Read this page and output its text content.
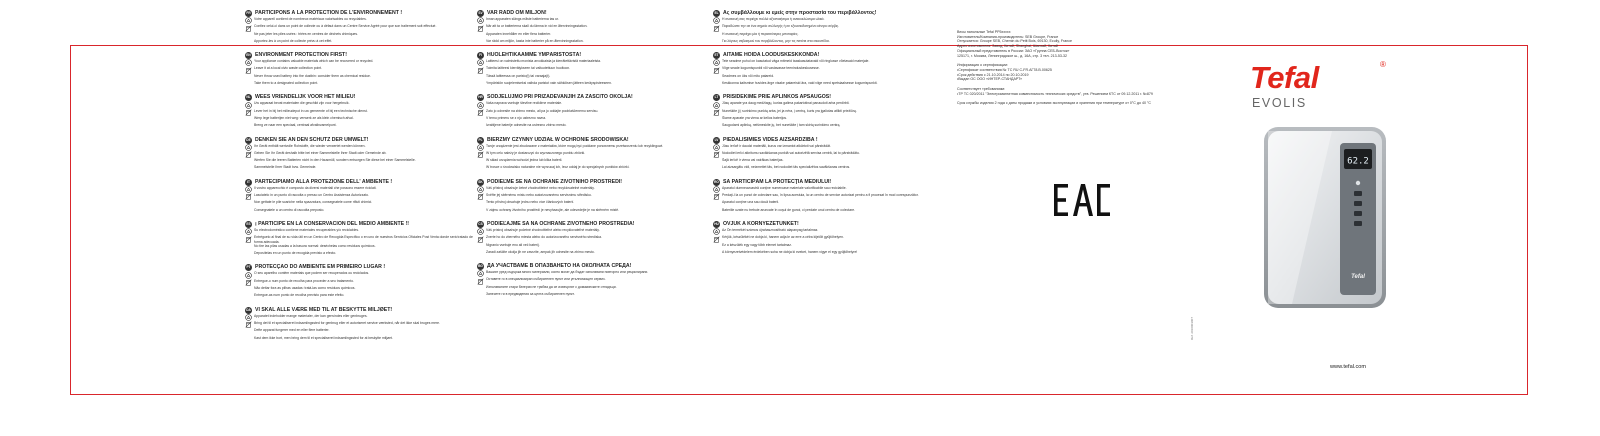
FR PARTICIPONS À LA PROTECTION DE L'ENVIRONNEMENT !
Votre appareil contient de nombreux matériaux valorisables ou recyclables.
Confiez celui-ci dans un point de collecte ou à défaut dans un Centre Service Agréé pour que son traitement soit effectué.
Ne pas jeter les piles usées : triées en centres de déchets chimiques.
Apportez-les à un point de collecte prévu à cet effet.
EN ENVIRONMENT PROTECTION FIRST!
Your appliance contains valuable materials which can be recovered or recycled.
Leave it at a local civic waste collection point.
Never throw used battery into the dustbin: consider them as chemical residue.
Take them to a designated collection point.
NL WEES VRIENDELIJK VOOR HET MILIEU!
Uw apparaat bevat materialen die geschikt zijn voor hergebruik.
Lever het in bij het milieudepot in uw gemeente of bij een technische dienst.
Werp lege batterijen niet weg: verwerk ze als klein chemisch afval.
Breng ze naar een speciaal, centraal afvalinzamelpunt.
DE DENKEN SIE AN DEN SCHUTZ DER UMWELT!
Ihr Gerät enthält wertvolle Rohstoffe, die wieder verwertet werden können.
Geben Sie Ihr Gerät deshalb bitte bei einer Sammelstelle Ihrer Stadt oder Gemeinde ab.
Werfen Sie die leeren Batterien nicht in den Hausmüll, sondern entsorgen Sie diese bei einer Sammelstelle.
Sammelstelle Ihrer Stadt bzw. Gemeinde.
IT PARTECIPIAMO ALLA PROTEZIONE DELL' AMBIENTE !
Il vostro apparecchio è composto da diversi materiali che possono essere riciclati.
Lasciatelo in un punto di raccolta o presso un Centro Assistenza Autorizzato.
Non gettate le pile scariche nella spazzatura, consegnatele come rifiuti chimici.
Consegnatele a un centro di raccolta preposto.
ES ¡ PARTICIPE EN LA CONSERVACIÓN DEL MEDIO AMBIENTE !!
Su electrodoméstico contiene materiales recuperables y/o reciclables.
Entréguelo al final de su vida útil en un Centro de Recogida Específico o en uno de nuestros Servicios Oficiales Post Venta donde será tratado de forma adecuada.
No tire las pilas usadas a la basura normal: deséchelas como residuos químicos.
Deposítelas en un punto de recogida previsto a efecto.
PT PROTECÇÃO DO AMBIENTE EM PRIMEIRO LUGAR !
O seu aparelho contém materiais que podem ser recuperados ou reciclados.
Entregue-o num ponto de recolha para proceder a seu tratamento.
Não deitar fora as pilhas usadas: tratá-las como resíduos químicos.
Entregue-as num ponto de recolha previsto para este efeito.
DA VI SKAL ALLE VÆRE MED TIL AT BESKYTTE MILJØET!
Apparatet indeholder mange materialer, der kan genvindes eller genbruges.
Bring det til et specialiseret indsamlingssted for genbrug eller et autoriseret service værksted, når det ikke skal bruges mere.
Defte apparat fungerer med en eller flere batterier.
Kast dem ikke bort, men bring dem til et specialiseret indsamlingssted for at beskytte miljøet.
SV VAR RÄDD OM MILJÖN!
Innan apparaten slängs måste batterierna tas ur.
När att ta ur batterierna skall du lämna in vid en återvinningsstation.
Apparaten innehåller en eller flera batterier.
Var rädd om miljön, kasta inte batterier på en återvinningsstation.
FI HUOLEHTIKAAMME YMPÄRISTÖSTÄ!
Laitteesi on valmistettu monista arvokkaista ja kierrätettävistä materiaaleista.
Toimita laitteesi kierrätykseen tai valtuutettuun huoltoon.
Tässä laitteessa on paristo(t) tai varaaja(t).
Ympäristön suojelemiseksi vaihda paristot vain sähköisen jätteen keräyspisteeseen.
HR SODJELUJMO PRI PRIZADEVANJIH ZA ZAŠČITO OKOLJA!
Vaša naprava vsebuje številne reciklirne materiale.
Zato jo odnesite na zbirno mesto, ali pa jo oddajte pooblaščenemu servisu.
V temu primeru se z njo ustrezno ravna.
Izrabljene baterije odnesite na ustrezno zbirno mesto.
PL BIERZMY CZYNNY UDZIAŁ W OCHRONIE ŚRODOWISKA!
Twoje urządzenie jest zbudowane z materiałów, które mogą być poddane ponownemu przetworzeniu lub recyklingowi.
W tym celu należy je dostarczyć do wyznaczonego punktu zbiórki.
W skład urządzenia wchodzi jedna lub kilka baterii.
W trosce o środowisko naturalne nie wyrzucaj ich, lecz oddaj je do specjalnych punktów zbiórki.
SK PODIEĽME SE NA OCHRANĚ ŽIVOTNÍHO PROSTŘEDÍ!
Váš přístroj obsahuje četné zhodnotitelné nebo recyklovatelné materiály.
Svěřte jej sběrnému místu nebo autorizovanému servisnímu středisku.
Tento přístroj obsahuje jednu nebo více článkových baterií.
V zájmu ochrany životního prostředí je nevyhazujte, ale odevzdejte je na sběrném místě.
CS PODIEĽAJME SA NA OCHRANE ŽIVOTNÉHO PROSTREDIA!
Váš prístroj obsahuje početné zhodnotiteľné alebo recyklovateľné materiály.
Zverte ho do zberného miesta alebo do autorizovaného servisného strediska.
Nigranio vsebuje eno ali več baterij.
Zaradi zaščite okolja jih ne zavrzite, ampak jih odnesite na zbirno mesto.
BG ДА УЧАСТВАМЕ В ОПАЗВАНЕТО НА ОКОЛНАТА СРЕДА!
Вашият уред съдържа много материали, които могат да бъдат използвани повторно или рециклирани.
Оставете го в специализиран събирателен пункт или упълномощен сервиз.
Използваните стари батерии не трябва да се изхвърлят с домакинските отпадъци.
Занесете ги в предвидения за целта събирателен пункт.
EL Ας συμβάλλουμε κι εμείς στην προστασία του περιβάλλοντος!
Η συσκευή σας περιέχει πολλά αξιοποιήσιμα ή ανακυκλώσιμα υλικά.
Παραδώστε την σε ένα σημείο συλλογής ή σε εξουσιοδοτημένο κέντρο σέρβις.
Η συσκευή περιέχει μία ή περισσότερες μπαταρίες.
Για λόγους σεβασμού του περιβάλλοντος, μην τις πετάτε στα σκουπίδια.
ET AITAME HOIDA LOODUSKESKKONDA!
Teie seadme puhul on kasutatud väga mitmeid taaskasutatavaid või ringlusse võetavaid materjale.
Viige seade kogumispunkti või vastavasse teeninduskeskusesse.
Seadmes on üks või mitu patareid.
Keskkonna kaitsmise huvides ärge visake patareisid ära, vaid viige need spetsiaalsesse kogumispunkti.
LT PRISIDĖKIME PRIE APLINKOS APSAUGOS!
Jūsų aparate yra daug medžiagų, kurias galima pakartotinai panaudoti arba perdirbti.
Nuneškite jį į surinkimo punktą arba, jei ja nėra, į centrą, kuris yra įgaliotas atlikti priežiūrą.
Šiame aparate yra viena ar kelios baterijos.
Saugodami aplinką, neišmeskite jų, bet nuneškite į tam skirtą surinkimo centrą.
LV PIEDALĪSIMIES VIDES AIZSARDZĪBĀ !
Jūsu ierīcē ir daudzi materiāli, kurus var izmantot atkārtoti vai pārstrādāt.
Nododiet ierīci atkritumu savākšanas punktā vai autorizētā servisa centrā, lai to pārstrādātu.
Šajā ierīcē ir viena vai vairākas baterijas.
Lai aizsargātu vidi, neizmetiet tās, bet nododiet tās specializētos savākšanas centros.
RO SĂ PARTICIPĂM LA PROTECŢIA MEDIULUI!
Aparatul dumneavoastră conţine numeroase materiale valorificabile sau reciclabile.
Predaţi-l la un punct de colectare sau, în lipsa acestuia, la un centru de service autorizat pentru a fi procesat în mod corespunzător.
Aparatul conţine una sau două baterii.
Bateriile uzate nu trebuie aruncate în coşul de gunoi, ci predate unui centru de colectare.
HU ÓVJUK A KÖRNYEZETÜNKET!
Az Ön termékét számos újrahasznosítható alapanyag tartalmaz.
Kérjük, készülékét ne dobja ki, hanem adja le az erre a célra kijelölt gyűjtőhelyen.
Ez a készülék egy vagy több elemet tartalmaz.
A környezetvédelem érdekében soha ne dobja ki ezeket, hanem vigye el egy gyűjtőhelyre!
Весы напольные Tefal PP5xxxxx
Изготовитель/Компания-производитель: SEB Groupe, France
Отпускается: Groupe SEB, Chemin du Petit Bois, 69130, Ecully, France
Адрес изготовителя: Завод, Китай, Shanghai, Шанхай, Китай
Официальный представитель в России: ЗАО «Группа СЕБ-Восток»
125171, г. Москва, Ленинградское ш., д. 16А, стр. 3 тел. 213-53-32
Информация о сертификации:
• Сертификат соответствия № TC RU C-FR.АГ78.В.00625
• Срок действия с 21.10.2014 по 20.10.2019
• Выдан ОС ООО «ИНТЕР-СТАНДАРТ»
Соответствует требованиям:
• ТР ТС 020/2011 "Электромагнитная совместимость технических средств", утв. Решением КТС от 09.12.2011 г. №879
Срок службы изделия 2 года с даты продажи и условиях эксплуатации и хранения при температуре от 0°С до 40 °С
EAC
Tefal	®
EVOLIS
62.2
Tefal
Ref. 2010003007
www.tefal.com
